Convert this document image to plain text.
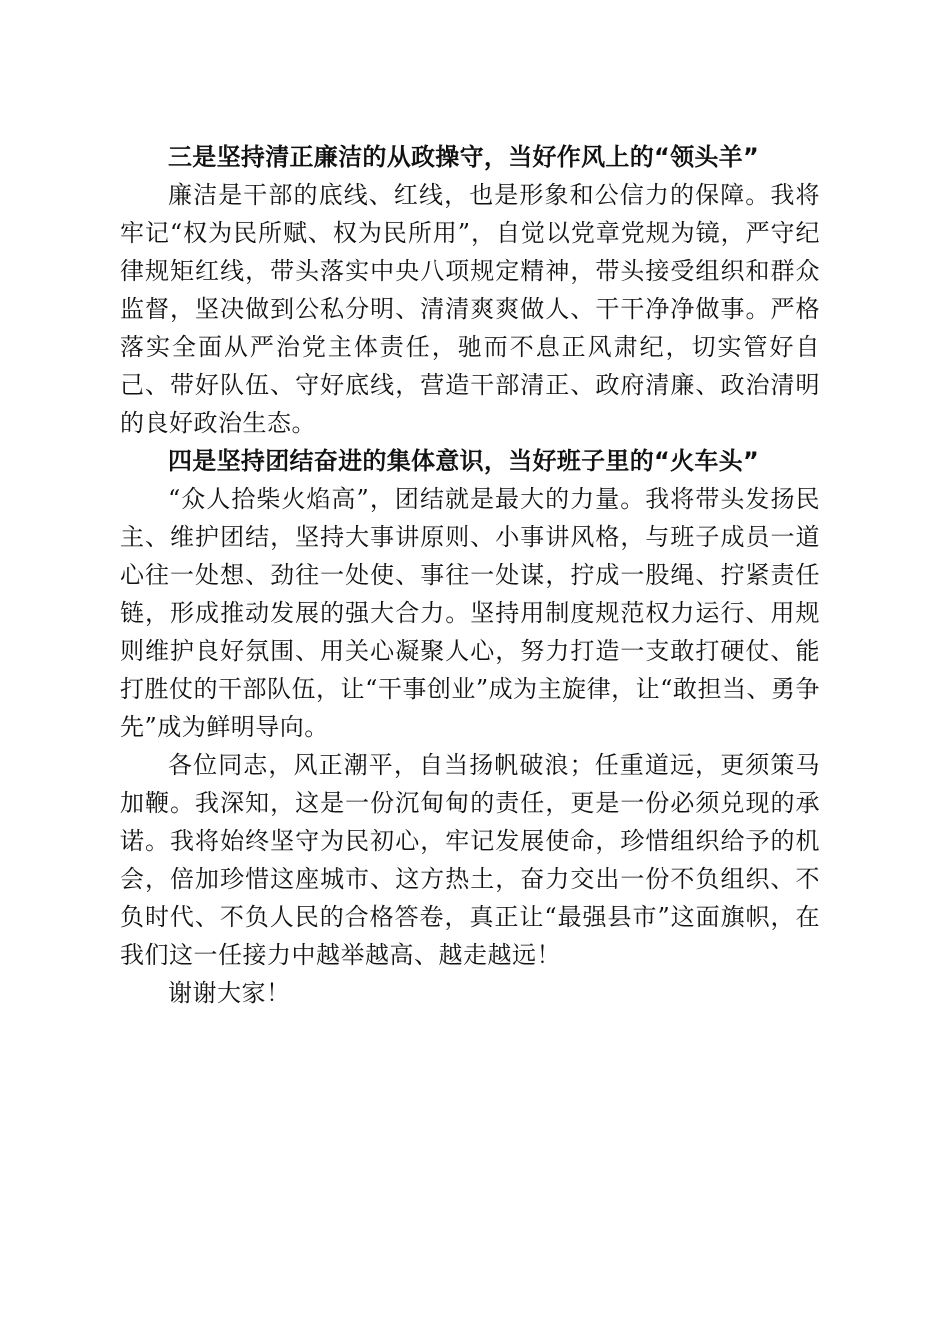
三是坚持清正廉洁的从政操守，当好作风上的“领头羊”

廉洁是干部的底线、红线，也是形象和公信力的保障。我将牢记“权为民所赋、权为民所用”，自觉以党章党规为镜，严守纪律规矩红线，带头落实中央八项规定精神，带头接受组织和群众监督，坚决做到公私分明、清清爽爽做人、干干净净做事。严格落实全面从严治党主体责任，驰而不息正风肃纪，切实管好自己、带好队伍、守好底线，营造干部清正、政府清廉、政治清明的良好政治生态。

四是坚持团结奋进的集体意识，当好班子里的“火车头”

“众人拾柴火焰高”，团结就是最大的力量。我将带头发扬民主、维护团结，坚持大事讲原则、小事讲风格，与班子成员一道心往一处想、劲往一处使、事往一处谋，拧成一股绳、拧紧责任链，形成推动发展的强大合力。坚持用制度规范权力运行、用规则维护良好氛围、用关心凝聚人心，努力打造一支敢打硬仗、能打胜仗的干部队伍，让“干事创业”成为主旋律，让“敢担当、勇争先”成为鲜明导向。

各位同志，风正潮平，自当扬帆破浪；任重道远，更须策马加鞭。我深知，这是一份沉甸甸的责任，更是一份必须兑现的承诺。我将始终坚守为民初心，牢记发展使命，珍惜组织给予的机会，倍加珍惜这座城市、这方热土，奋力交出一份不负组织、不负时代、不负人民的合格答卷，真正让“最强县市”这面旗帜，在我们这一任接力中越举越高、越走越远！

谢谢大家！
